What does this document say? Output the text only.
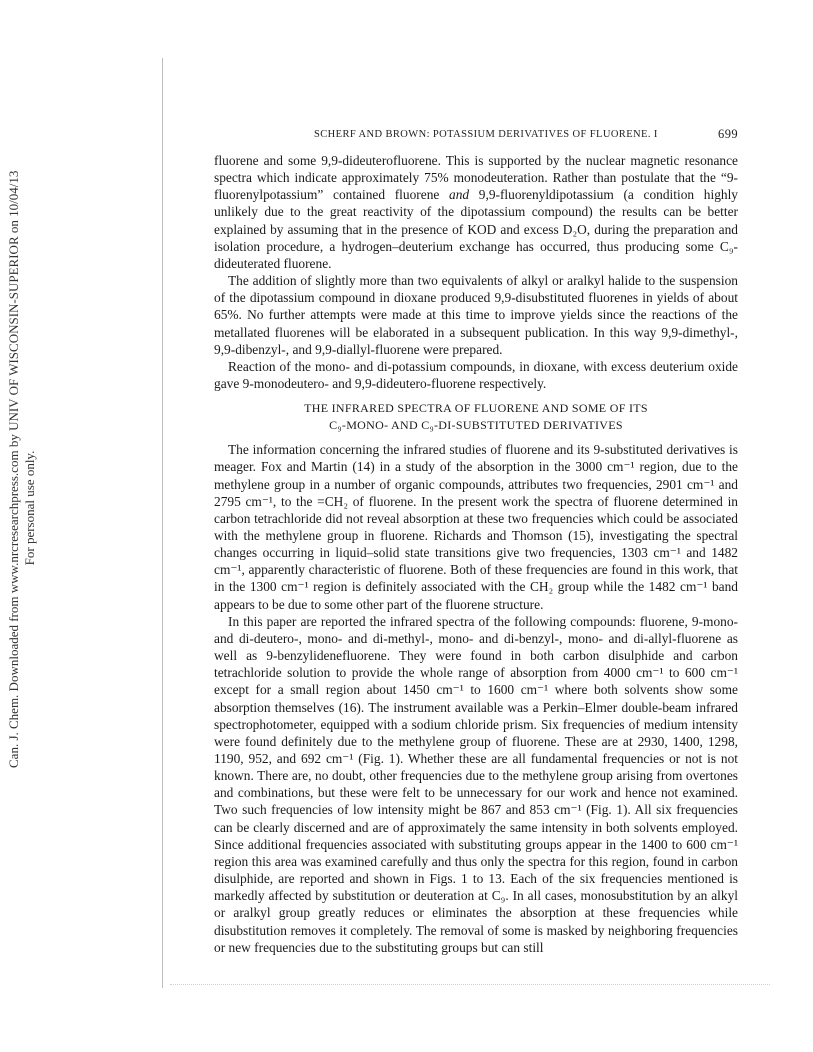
Can. J. Chem. Downloaded from www.nrcresearchpress.com by UNIV OF WISCONSIN-SUPERIOR on 10/04/13 For personal use only.
SCHERF AND BROWN: POTASSIUM DERIVATIVES OF FLUORENE. I	699

fluorene and some 9,9-dideuterofluorene. This is supported by the nuclear magnetic resonance spectra which indicate approximately 75% monodeuteration. Rather than postulate that the “9-fluorenylpotassium” contained fluorene and 9,9-fluorenyldipotassium (a condition highly unlikely due to the great reactivity of the dipotassium compound) the results can be better explained by assuming that in the presence of KOD and excess D₂O, during the preparation and isolation procedure, a hydrogen–deuterium exchange has occurred, thus producing some C₉-dideuterated fluorene.

The addition of slightly more than two equivalents of alkyl or aralkyl halide to the suspension of the dipotassium compound in dioxane produced 9,9-disubstituted fluorenes in yields of about 65%. No further attempts were made at this time to improve yields since the reactions of the metallated fluorenes will be elaborated in a subsequent publication. In this way 9,9-dimethyl-, 9,9-dibenzyl-, and 9,9-diallyl-fluorene were prepared.

Reaction of the mono- and di-potassium compounds, in dioxane, with excess deuterium oxide gave 9-monodeutero- and 9,9-dideutero-fluorene respectively.

THE INFRARED SPECTRA OF FLUORENE AND SOME OF ITS
C₉-MONO- AND C₉-DI-SUBSTITUTED DERIVATIVES

The information concerning the infrared studies of fluorene and its 9-substituted derivatives is meager. Fox and Martin (14) in a study of the absorption in the 3000 cm⁻¹ region, due to the methylene group in a number of organic compounds, attributes two frequencies, 2901 cm⁻¹ and 2795 cm⁻¹, to the =CH₂ of fluorene. In the present work the spectra of fluorene determined in carbon tetrachloride did not reveal absorption at these two frequencies which could be associated with the methylene group in fluorene. Richards and Thomson (15), investigating the spectral changes occurring in liquid–solid state transitions give two frequencies, 1303 cm⁻¹ and 1482 cm⁻¹, apparently characteristic of fluorene. Both of these frequencies are found in this work, that in the 1300 cm⁻¹ region is definitely associated with the CH₂ group while the 1482 cm⁻¹ band appears to be due to some other part of the fluorene structure.

In this paper are reported the infrared spectra of the following compounds: fluorene, 9-mono- and di-deutero-, mono- and di-methyl-, mono- and di-benzyl-, mono- and di-allyl-fluorene as well as 9-benzylidenefluorene. They were found in both carbon disulphide and carbon tetrachloride solution to provide the whole range of absorption from 4000 cm⁻¹ to 600 cm⁻¹ except for a small region about 1450 cm⁻¹ to 1600 cm⁻¹ where both solvents show some absorption themselves (16). The instrument available was a Perkin–Elmer double-beam infrared spectrophotometer, equipped with a sodium chloride prism. Six frequencies of medium intensity were found definitely due to the methylene group of fluorene. These are at 2930, 1400, 1298, 1190, 952, and 692 cm⁻¹ (Fig. 1). Whether these are all fundamental frequencies or not is not known. There are, no doubt, other frequencies due to the methylene group arising from overtones and combinations, but these were felt to be unnecessary for our work and hence not examined. Two such frequencies of low intensity might be 867 and 853 cm⁻¹ (Fig. 1). All six frequencies can be clearly discerned and are of approximately the same intensity in both solvents employed. Since additional frequencies associated with substituting groups appear in the 1400 to 600 cm⁻¹ region this area was examined carefully and thus only the spectra for this region, found in carbon disulphide, are reported and shown in Figs. 1 to 13. Each of the six frequencies mentioned is markedly affected by substitution or deuteration at C₉. In all cases, monosubstitution by an alkyl or aralkyl group greatly reduces or eliminates the absorption at these frequencies while disubstitution removes it completely. The removal of some is masked by neighboring frequencies or new frequencies due to the substituting groups but can still
